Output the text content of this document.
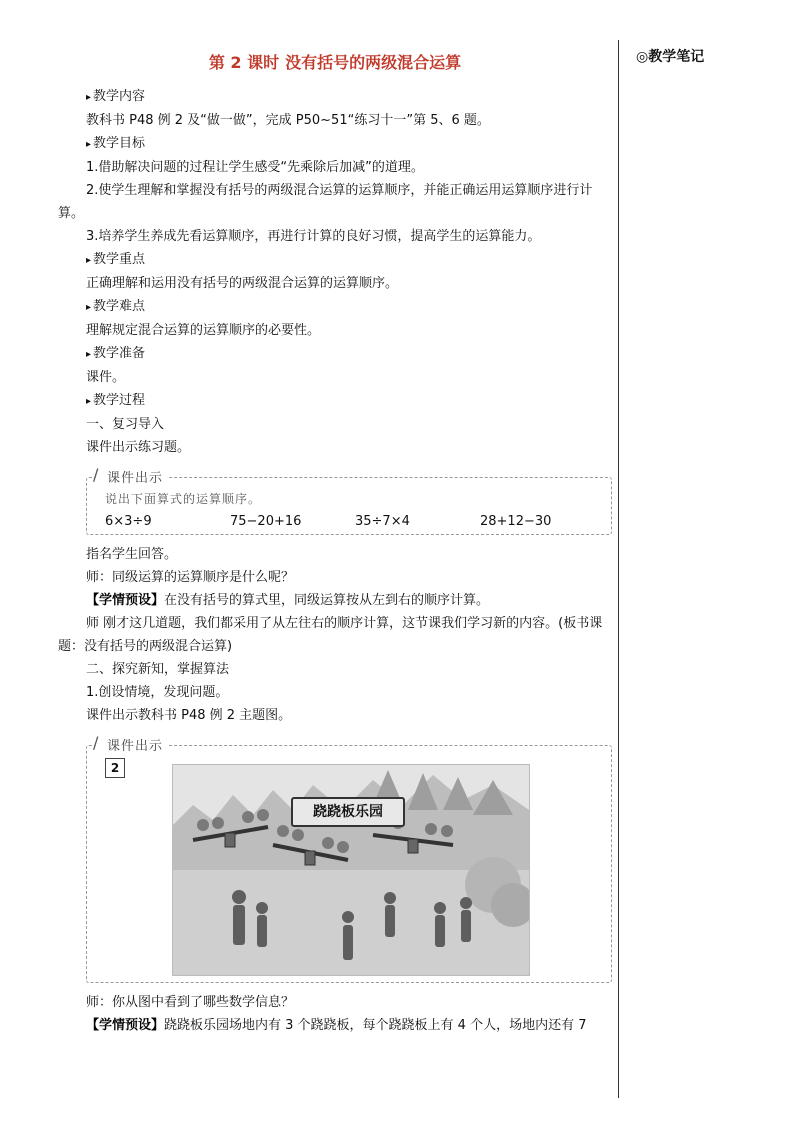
◎教学笔记
第 2 课时 没有括号的两级混合运算

▸ 教学内容

教科书 P48 例 2 及“做一做”，完成 P50~51“练习十一”第 5、6 题。

▸ 教学目标

1.借助解决问题的过程让学生感受“先乘除后加减”的道理。

2.使学生理解和掌握没有括号的两级混合运算的运算顺序，并能正确运用运算顺序进行计算。

3.培养学生养成先看运算顺序，再进行计算的良好习惯，提高学生的运算能力。

▸ 教学重点

正确理解和运用没有括号的两级混合运算的运算顺序。

▸ 教学难点

理解规定混合运算的运算顺序的必要性。

▸ 教学准备

课件。

▸ 教学过程

一、复习导入

课件出示练习题。

/ 课件出示
说出下面算式的运算顺序。
6×3÷9	75−20+16	35÷7×4	28+12−30

指名学生回答。

师：同级运算的运算顺序是什么呢？

【学情预设】在没有括号的算式里，同级运算按从左到右的顺序计算。

师 刚才这几道题，我们都采用了从左往右的顺序计算，这节课我们学习新的内容。(板书课题：没有括号的两级混合运算)

二、探究新知，掌握算法

1.创设情境，发现问题。

课件出示教科书 P48 例 2 主题图。

/ 课件出示
2
跷跷板乐园

师：你从图中看到了哪些数学信息？

【学情预设】跷跷板乐园场地内有 3 个跷跷板，每个跷跷板上有 4 个人，场地内还有 7
